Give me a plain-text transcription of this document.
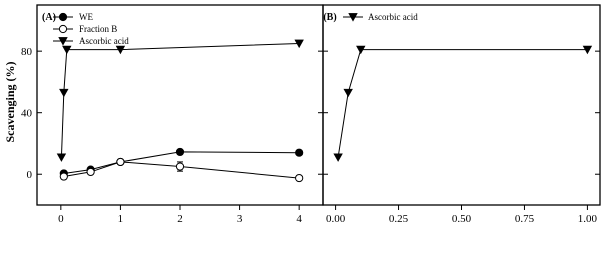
Scavenging (%)
0	1	2	3	4
0
40
80
(A)	WE
Fraction B
Ascorbic acid
0.00	0.25	0.50	0.75	1.00
(B)	Ascorbic acid
